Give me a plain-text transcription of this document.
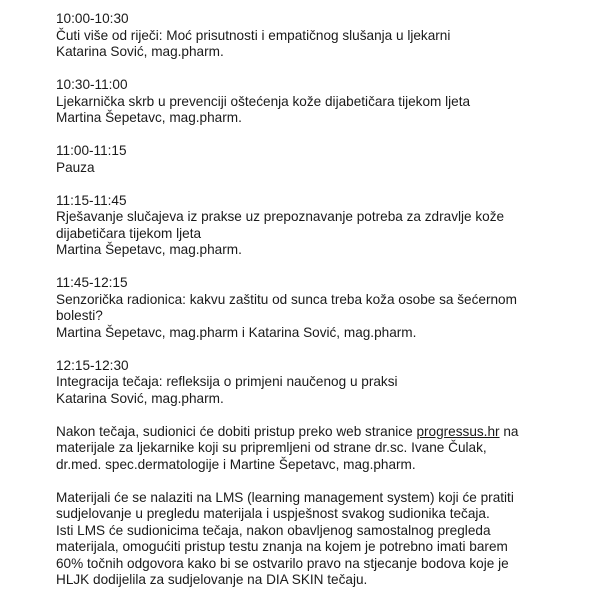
10:00-10:30
Čuti više od riječi: Moć prisutnosti i empatičnog slušanja u ljekarni
Katarina Sović, mag.pharm.
10:30-11:00
Ljekarnička skrb u prevenciji oštećenja kože dijabetičara tijekom ljeta
Martina Šepetavc, mag.pharm.
11:00-11:15
Pauza
11:15-11:45
Rješavanje slučajeva iz prakse uz prepoznavanje potreba za zdravlje kože
dijabetičara tijekom ljeta
Martina Šepetavc, mag.pharm.
11:45-12:15
Senzorička radionica: kakvu zaštitu od sunca treba koža osobe sa šećernom
bolesti?
Martina Šepetavc, mag.pharm i Katarina Sović, mag.pharm.
12:15-12:30
Integracija tečaja: refleksija o primjeni naučenog u praksi
Katarina Sović, mag.pharm.
Nakon tečaja, sudionici će dobiti pristup preko web stranice progressus.hr na
materijale za ljekarnike koji su pripremljeni od strane dr.sc. Ivane Čulak,
dr.med. spec.dermatologije i Martine Šepetavc, mag.pharm.
Materijali će se nalaziti na LMS (learning management system) koji će pratiti
sudjelovanje u pregledu materijala i uspješnost svakog sudionika tečaja.
Isti LMS će sudionicima tečaja, nakon obavljenog samostalnog pregleda
materijala, omogućiti pristup testu znanja na kojem je potrebno imati barem
60% točnih odgovora kako bi se ostvarilo pravo na stjecanje bodova koje je
HLJK dodijelila za sudjelovanje na DIA SKIN tečaju.
